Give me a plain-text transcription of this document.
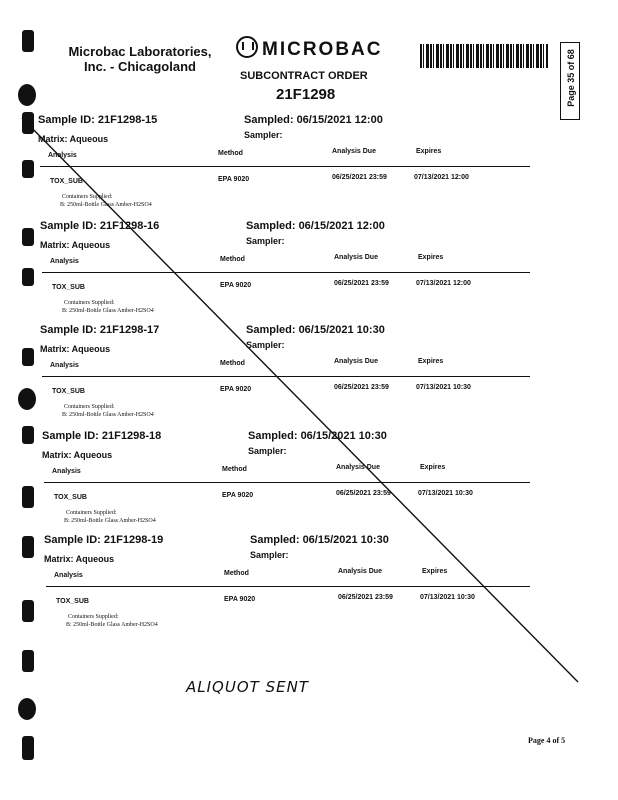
Microbac Laboratories, Inc. - Chicagoland
MICROBAC
SUBCONTRACT ORDER
21F1298	Page 35 of 68
Sample ID: 21F1298-15	Sampled: 06/15/2021 12:00
Matrix: Aqueous	Sampler:
Analysis	Method	Analysis Due	Expires
TOX_SUB	EPA 9020	06/25/2021 23:59	07/13/2021 12:00
Containers Supplied:
B: 250ml-Bottle Glass Amber-H2SO4
Sample ID: 21F1298-16	Sampled: 06/15/2021 12:00
Matrix: Aqueous	Sampler:
Analysis	Method	Analysis Due	Expires
TOX_SUB	EPA 9020	06/25/2021 23:59	07/13/2021 12:00
Containers Supplied:
B: 250ml-Bottle Glass Amber-H2SO4
Sample ID: 21F1298-17	Sampled: 06/15/2021 10:30
Matrix: Aqueous	Sampler:
Analysis	Method	Analysis Due	Expires
TOX_SUB	EPA 9020	06/25/2021 23:59	07/13/2021 10:30
Containers Supplied:
B: 250ml-Bottle Glass Amber-H2SO4
Sample ID: 21F1298-18	Sampled: 06/15/2021 10:30
Matrix: Aqueous	Sampler:
Analysis	Method	Analysis Due	Expires
TOX_SUB	EPA 9020	06/25/2021 23:59	07/13/2021 10:30
Containers Supplied:
B: 250ml-Bottle Glass Amber-H2SO4
Sample ID: 21F1298-19	Sampled: 06/15/2021 10:30
Matrix: Aqueous	Sampler:
Analysis	Method	Analysis Due	Expires
TOX_SUB	EPA 9020	06/25/2021 23:59	07/13/2021 10:30
Containers Supplied:
B: 250ml-Bottle Glass Amber-H2SO4
ALIQUOT SENT
Page 4 of 5
